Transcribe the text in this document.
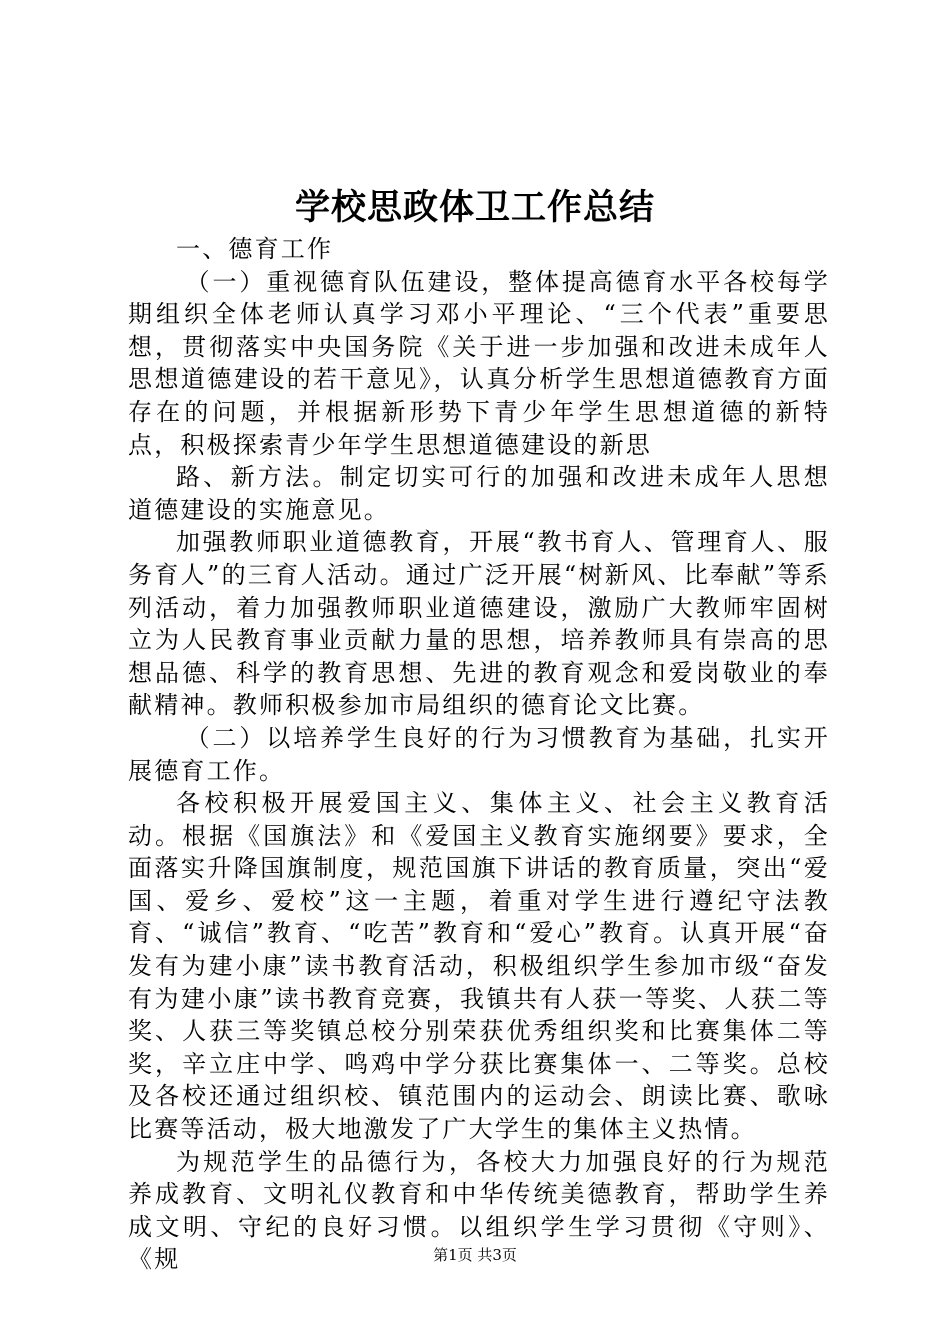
学校思政体卫工作总结

一、德育工作

（一）重视德育队伍建设，整体提高德育水平各校每学期组织全体老师认真学习邓小平理论、“三个代表”重要思想，贯彻落实中央国务院《关于进一步加强和改进未成年人思想道德建设的若干意见》，认真分析学生思想道德教育方面存在的问题，并根据新形势下青少年学生思想道德的新特点，积极探索青少年学生思想道德建设的新思

路、新方法。制定切实可行的加强和改进未成年人思想道德建设的实施意见。

加强教师职业道德教育，开展“教书育人、管理育人、服务育人”的三育人活动。通过广泛开展“树新风、比奉献”等系列活动，着力加强教师职业道德建设，激励广大教师牢固树立为人民教育事业贡献力量的思想，培养教师具有崇高的思想品德、科学的教育思想、先进的教育观念和爱岗敬业的奉献精神。教师积极参加市局组织的德育论文比赛。

（二）以培养学生良好的行为习惯教育为基础，扎实开展德育工作。

各校积极开展爱国主义、集体主义、社会主义教育活动。根据《国旗法》和《爱国主义教育实施纲要》要求，全面落实升降国旗制度，规范国旗下讲话的教育质量，突出“爱国、爱乡、爱校”这一主题，着重对学生进行遵纪守法教育、“诚信”教育、“吃苦”教育和“爱心”教育。认真开展“奋发有为建小康”读书教育活动，积极组织学生参加市级“奋发有为建小康”读书教育竞赛，我镇共有人获一等奖、人获二等奖、人获三等奖镇总校分别荣获优秀组织奖和比赛集体二等奖，辛立庄中学、鸣鸡中学分获比赛集体一、二等奖。总校及各校还通过组织校、镇范围内的运动会、朗读比赛、歌咏比赛等活动，极大地激发了广大学生的集体主义热情。

为规范学生的品德行为，各校大力加强良好的行为规范养成教育、文明礼仪教育和中华传统美德教育，帮助学生养成文明、守纪的良好习惯。以组织学生学习贯彻《守则》、《规	第1页 共3页
